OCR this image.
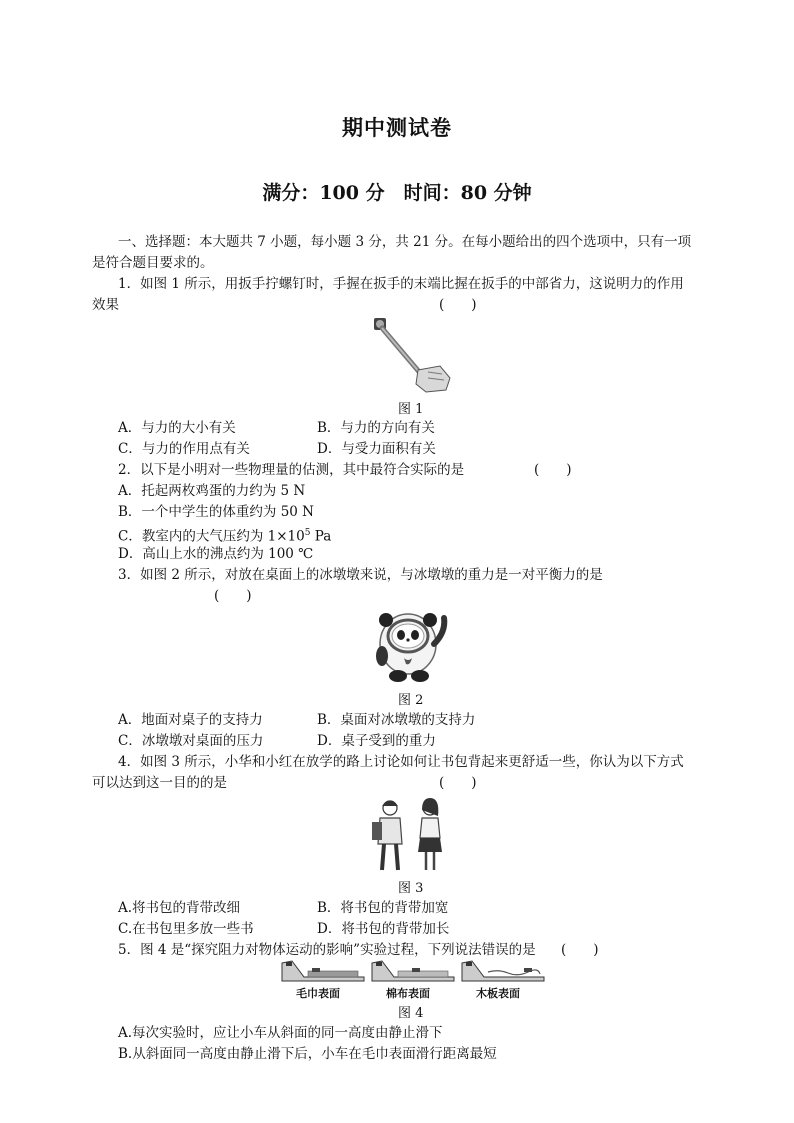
期中测试卷
满分：100 分　时间：80 分钟
一、选择题：本大题共 7 小题，每小题 3 分，共 21 分。在每小题给出的四个选项中，只有一项
是符合题目要求的。
1．如图 1 所示，用扳手拧螺钉时，手握在扳手的末端比握在扳手的中部省力，这说明力的作用
效果	(　　)
图 1
A．与力的大小有关	B．与力的方向有关
C．与力的作用点有关	D．与受力面积有关
2．以下是小明对一些物理量的估测，其中最符合实际的是	(　　)
A．托起两枚鸡蛋的力约为 5 N
B．一个中学生的体重约为 50 N
C．教室内的大气压约为 $1\times 10^5$ Pa
D．高山上水的沸点约为 100 ℃
3．如图 2 所示，对放在桌面上的冰墩墩来说，与冰墩墩的重力是一对平衡力的是
(　　)
图 2
A．地面对桌子的支持力	B．桌面对冰墩墩的支持力
C．冰墩墩对桌面的压力	D．桌子受到的重力
4．如图 3 所示，小华和小红在放学的路上讨论如何让书包背起来更舒适一些，你认为以下方式
可以达到这一目的的是	(　　)
图 3
A.将书包的背带改细	B．将书包的背带加宽
C.在书包里多放一些书	D．将书包的背带加长
5．图 4 是“探究阻力对物体运动的影响”实验过程，下列说法错误的是 (　　)
毛巾表面	棉布表面	木板表面
图 4
A.每次实验时，应让小车从斜面的同一高度由静止滑下
B.从斜面同一高度由静止滑下后，小车在毛巾表面滑行距离最短
